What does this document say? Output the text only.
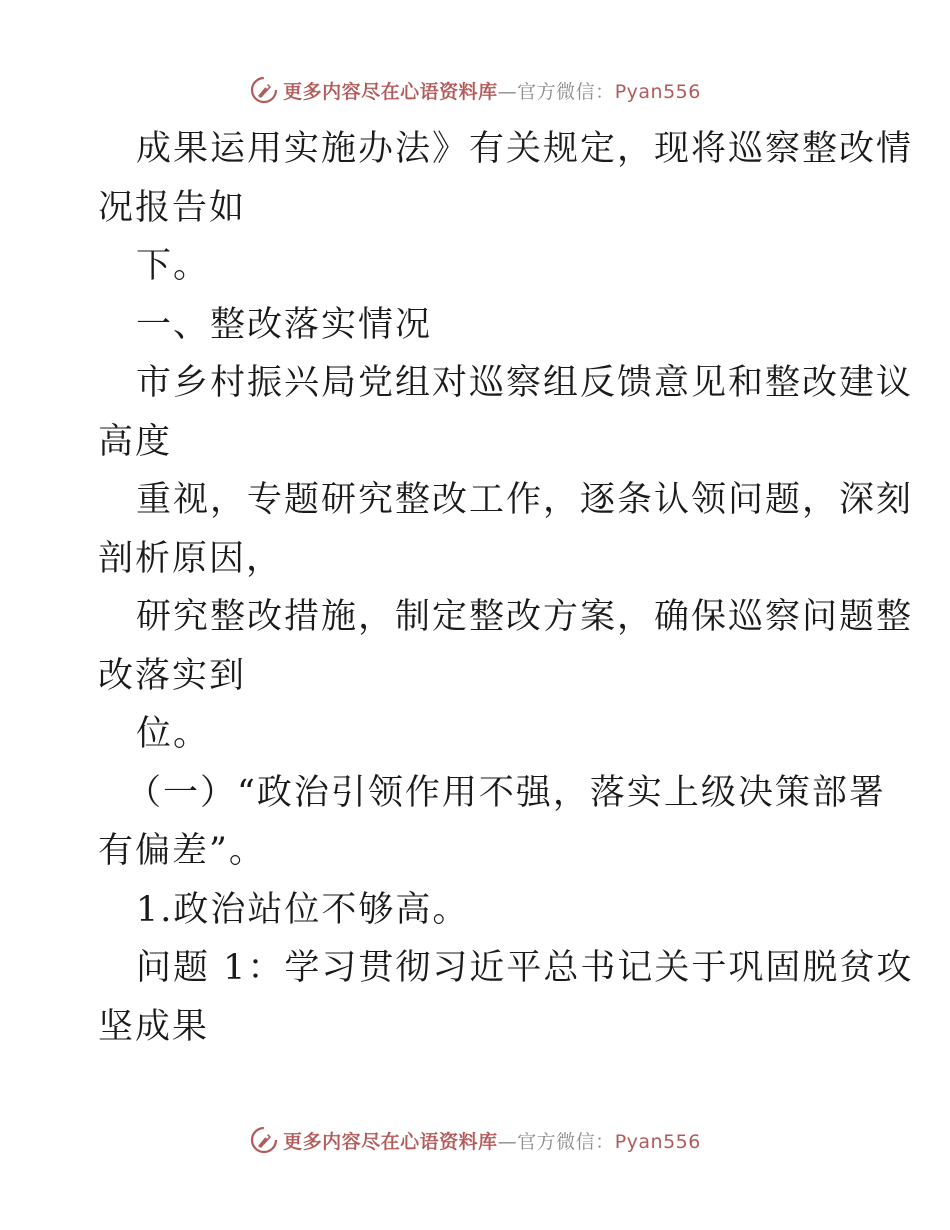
更多内容尽在心语资料库—官方微信：Pyan556
成果运用实施办法》有关规定，现将巡察整改情
况报告如
下。
一、整改落实情况
市乡村振兴局党组对巡察组反馈意见和整改建议
高度
重视，专题研究整改工作，逐条认领问题，深刻
剖析原因，
研究整改措施，制定整改方案，确保巡察问题整
改落实到
位。
（一）“政治引领作用不强，落实上级决策部署
有偏差”。
1.政治站位不够高。
问题 1：学习贯彻习近平总书记关于巩固脱贫攻
坚成果
更多内容尽在心语资料库—官方微信：Pyan556
